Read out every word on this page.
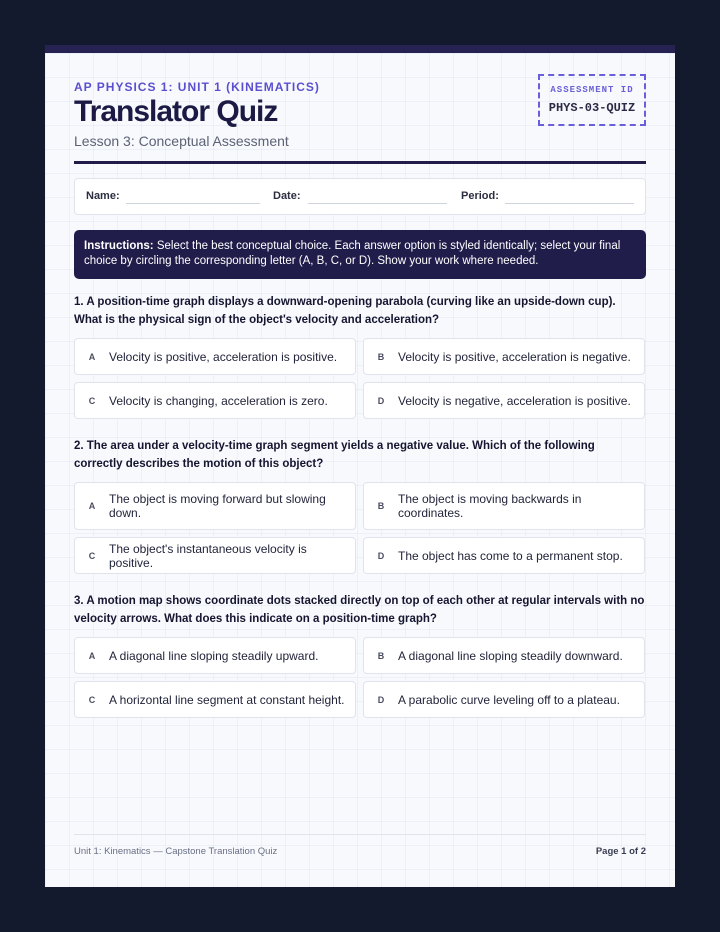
AP PHYSICS 1: UNIT 1 (KINEMATICS)
Translator Quiz
Lesson 3: Conceptual Assessment
ASSESSMENT ID
PHYS-03-QUIZ
Name:	Date:	Period:
Instructions: Select the best conceptual choice. Each answer option is styled identically; select your final choice by circling the corresponding letter (A, B, C, or D). Show your work where needed.
1. A position-time graph displays a downward-opening parabola (curving like an upside-down cup). What is the physical sign of the object's velocity and acceleration?
A	Velocity is positive, acceleration is positive.	B	Velocity is positive, acceleration is negative.
C	Velocity is changing, acceleration is zero.	D	Velocity is negative, acceleration is positive.
2. The area under a velocity-time graph segment yields a negative value. Which of the following correctly describes the motion of this object?
A	The object is moving forward but slowing down.	B	The object is moving backwards in coordinates.
C	The object's instantaneous velocity is positive.	D	The object has come to a permanent stop.
3. A motion map shows coordinate dots stacked directly on top of each other at regular intervals with no velocity arrows. What does this indicate on a position-time graph?
A	A diagonal line sloping steadily upward.	B	A diagonal line sloping steadily downward.
C	A horizontal line segment at constant height.	D	A parabolic curve leveling off to a plateau.
Unit 1: Kinematics — Capstone Translation Quiz	Page 1 of 2
